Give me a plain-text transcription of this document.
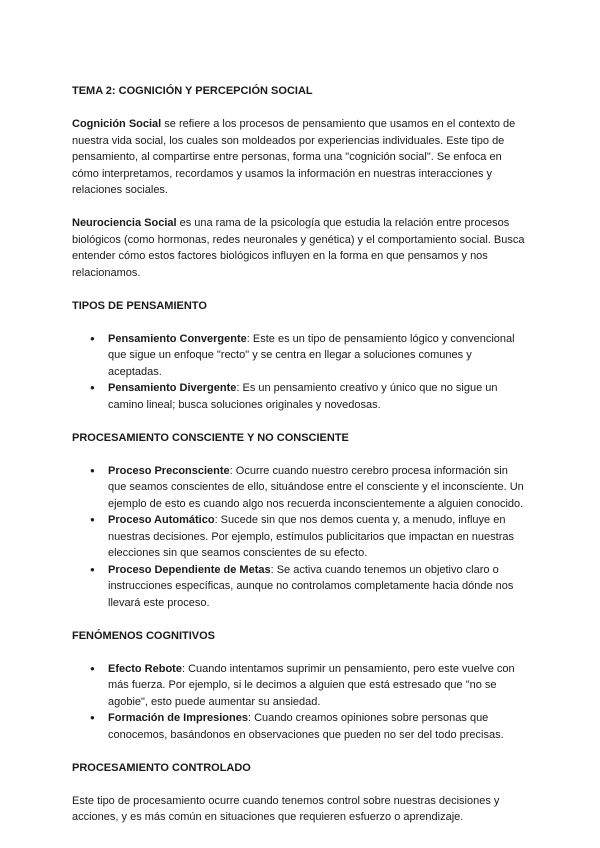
TEMA 2: COGNICIÓN Y PERCEPCIÓN SOCIAL

Cognición Social se refiere a los procesos de pensamiento que usamos en el contexto de nuestra vida social, los cuales son moldeados por experiencias individuales. Este tipo de pensamiento, al compartirse entre personas, forma una "cognición social". Se enfoca en cómo interpretamos, recordamos y usamos la información en nuestras interacciones y relaciones sociales.

Neurociencia Social es una rama de la psicología que estudia la relación entre procesos biológicos (como hormonas, redes neuronales y genética) y el comportamiento social. Busca entender cómo estos factores biológicos influyen en la forma en que pensamos y nos relacionamos.

TIPOS DE PENSAMIENTO
● Pensamiento Convergente: Este es un tipo de pensamiento lógico y convencional que sigue un enfoque "recto" y se centra en llegar a soluciones comunes y aceptadas.
● Pensamiento Divergente: Es un pensamiento creativo y único que no sigue un camino lineal; busca soluciones originales y novedosas.
PROCESAMIENTO CONSCIENTE Y NO CONSCIENTE
● Proceso Preconsciente: Ocurre cuando nuestro cerebro procesa información sin que seamos conscientes de ello, situándose entre el consciente y el inconsciente. Un ejemplo de esto es cuando algo nos recuerda inconscientemente a alguien conocido.
● Proceso Automático: Sucede sin que nos demos cuenta y, a menudo, influye en nuestras decisiones. Por ejemplo, estímulos publicitarios que impactan en nuestras elecciones sin que seamos conscientes de su efecto.
● Proceso Dependiente de Metas: Se activa cuando tenemos un objetivo claro o instrucciones específicas, aunque no controlamos completamente hacia dónde nos llevará este proceso.
FENÓMENOS COGNITIVOS
● Efecto Rebote: Cuando intentamos suprimir un pensamiento, pero este vuelve con más fuerza. Por ejemplo, si le decimos a alguien que está estresado que "no se agobie", esto puede aumentar su ansiedad.
● Formación de Impresiones: Cuando creamos opiniones sobre personas que conocemos, basándonos en observaciones que pueden no ser del todo precisas.
PROCESAMIENTO CONTROLADO

Este tipo de procesamiento ocurre cuando tenemos control sobre nuestras decisiones y acciones, y es más común en situaciones que requieren esfuerzo o aprendizaje.
